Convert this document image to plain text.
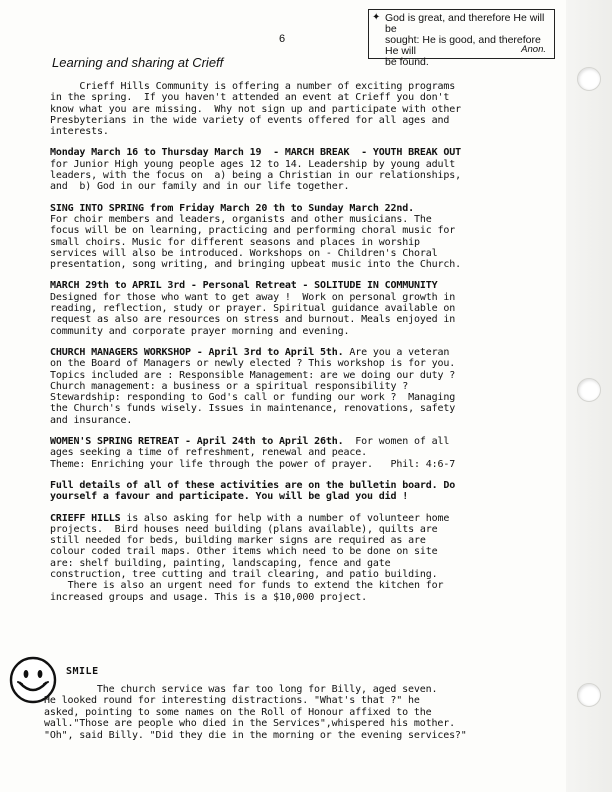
6
✦ God is great, and therefore He will be
sought: He is good, and therefore He will
be found.
Anon.
Learning and sharing at Crieff
Crieff Hills Community is offering a number of exciting programs
in the spring.  If you haven't attended an event at Crieff you don't
know what you are missing.  Why not sign up and participate with other
Presbyterians in the wide variety of events offered for all ages and
interests.
Monday March 16 to Thursday March 19  - MARCH BREAK  - YOUTH BREAK OUT
for Junior High young people ages 12 to 14. Leadership by young adult
leaders, with the focus on  a) being a Christian in our relationships,
and  b) God in our family and in our life together.
SING INTO SPRING from Friday March 20 th to Sunday March 22nd.
For choir members and leaders, organists and other musicians. The
focus will be on learning, practicing and performing choral music for
small choirs. Music for different seasons and places in worship
services will also be introduced. Workshops on - Children's Choral
presentation, song writing, and bringing upbeat music into the Church.
MARCH 29th to APRIL 3rd - Personal Retreat - SOLITUDE IN COMMUNITY
Designed for those who want to get away !  Work on personal growth in
reading, reflection, study or prayer. Spiritual guidance available on
request as also are resources on stress and burnout. Meals enjoyed in
community and corporate prayer morning and evening.
CHURCH MANAGERS WORKSHOP - April 3rd to April 5th. Are you a veteran
on the Board of Managers or newly elected ? This workshop is for you.
Topics included are : Responsible Management: are we doing our duty ?
Church management: a business or a spiritual responsibility ?
Stewardship: responding to God's call or funding our work ?  Managing
the Church's funds wisely. Issues in maintenance, renovations, safety
and insurance.
WOMEN'S SPRING RETREAT - April 24th to April 26th.  For women of all
ages seeking a time of refreshment, renewal and peace.
Theme: Enriching your life through the power of prayer.   Phil: 4:6-7
Full details of all of these activities are on the bulletin board. Do
yourself a favour and participate. You will be glad you did !
CRIEFF HILLS is also asking for help with a number of volunteer home
projects.  Bird houses need building (plans available), quilts are
still needed for beds, building marker signs are required as are
colour coded trail maps. Other items which need to be done on site
are: shelf building, painting, landscaping, fence and gate
construction, tree cutting and trail clearing, and patio building.
There is also an urgent need for funds to extend the kitchen for
increased groups and usage. This is a $10,000 project.
SMILE
The church service was far too long for Billy, aged seven.
He looked round for interesting distractions. "What's that ?" he
asked, pointing to some names on the Roll of Honour affixed to the
wall."Those are people who died in the Services",whispered his mother.
"Oh", said Billy. "Did they die in the morning or the evening services?"
